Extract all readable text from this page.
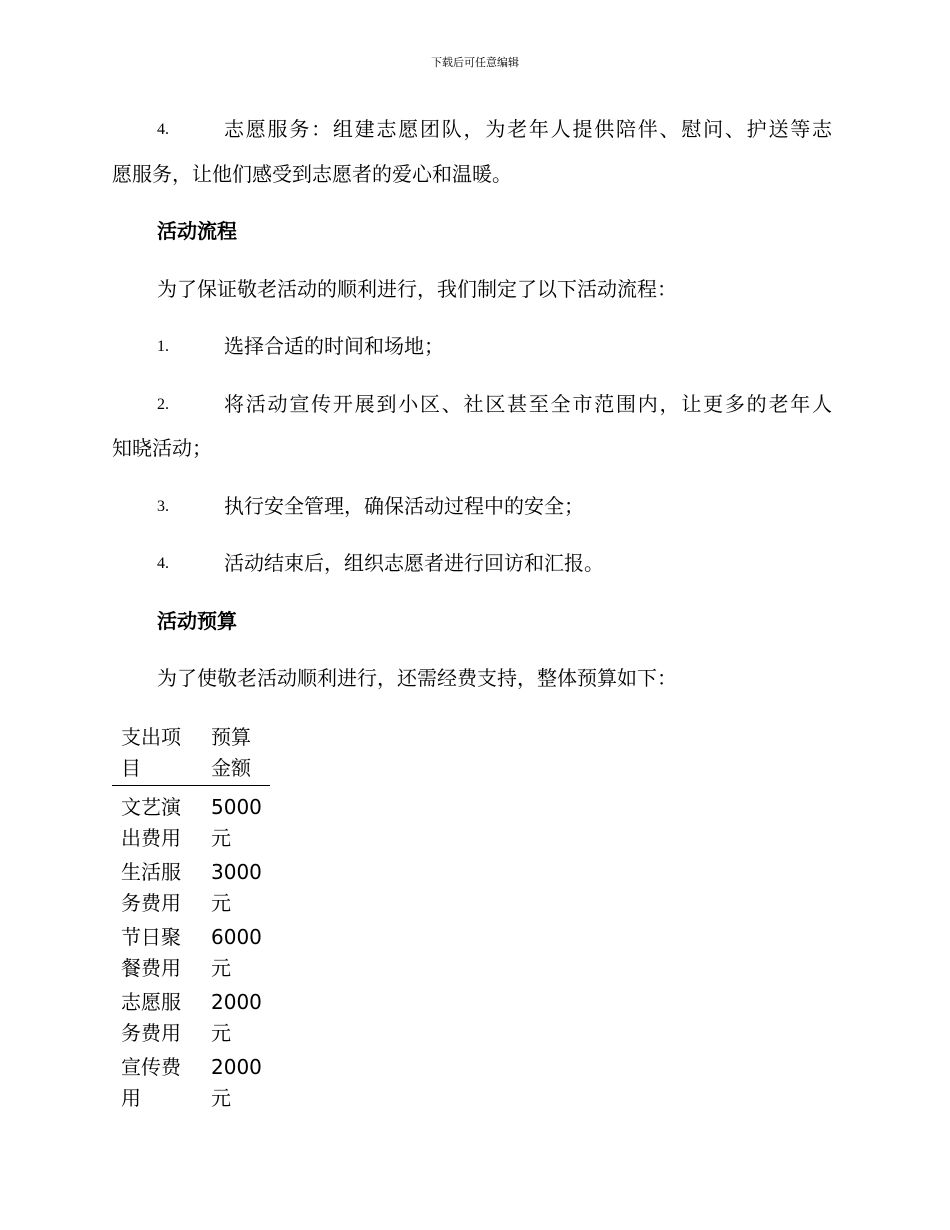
下载后可任意编辑
4.	志愿服务：组建志愿团队，为老年人提供陪伴、慰问、护送等志
愿服务，让他们感受到志愿者的爱心和温暖。
活动流程
为了保证敬老活动的顺利进行，我们制定了以下活动流程：
1.	选择合适的时间和场地；
2.	将活动宣传开展到小区、社区甚至全市范围内，让更多的老年人
知晓活动；
3.	执行安全管理，确保活动过程中的安全；
4.	活动结束后，组织志愿者进行回访和汇报。
活动预算
为了使敬老活动顺利进行，还需经费支持，整体预算如下：
支出项
目	预算
金额

文艺演
出费用	5000
元

生活服
务费用	3000
元

节日聚
餐费用	6000
元

志愿服
务费用	2000
元

宣传费
用	2000
元
